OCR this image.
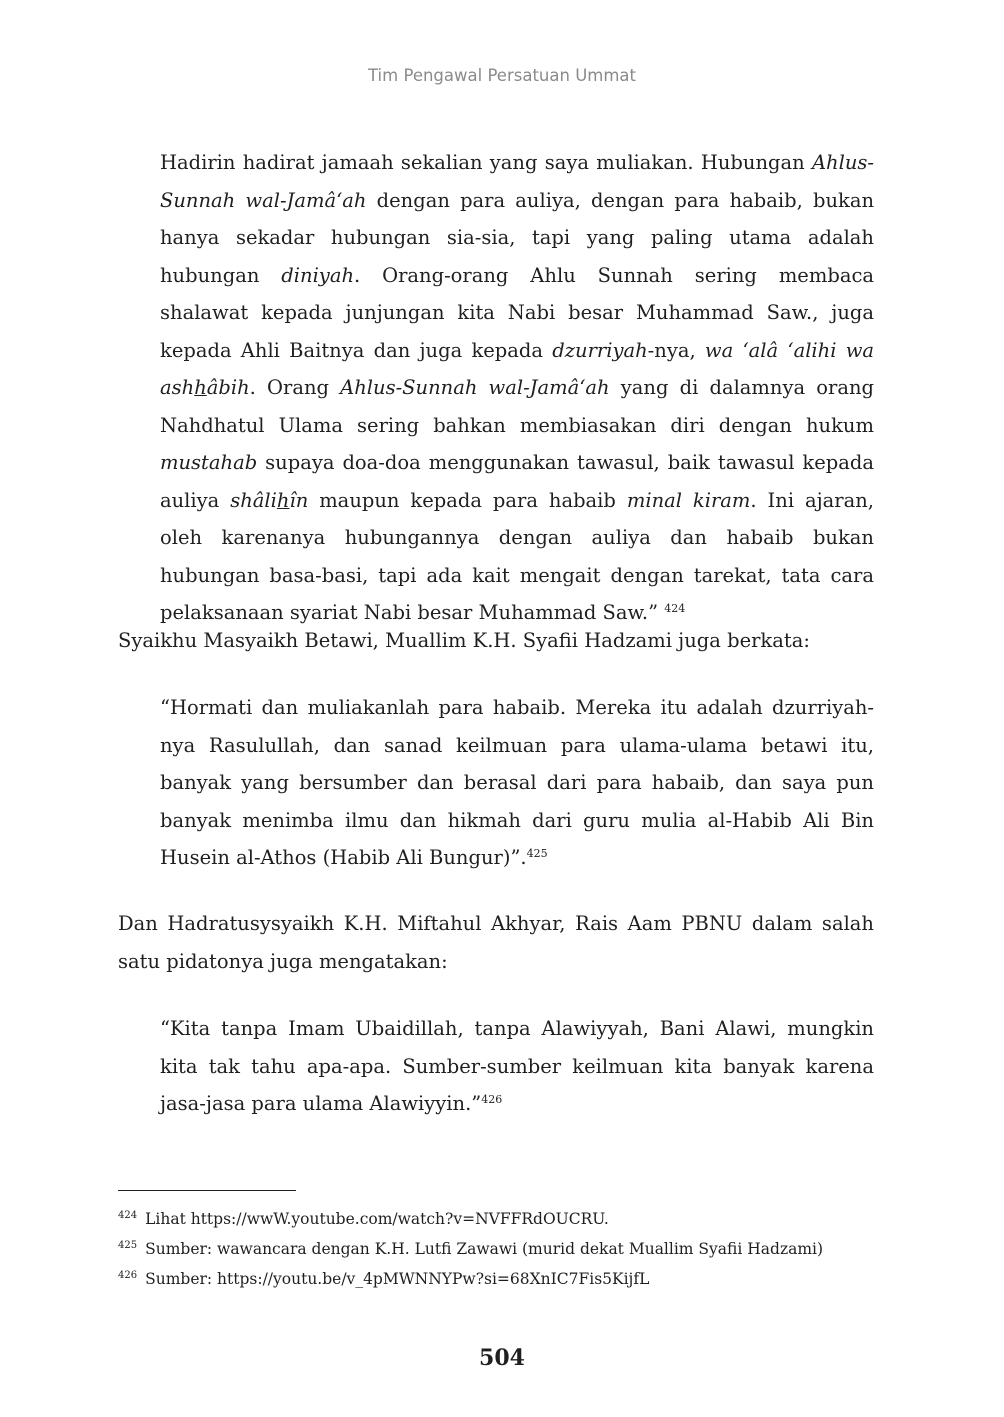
Tim Pengawal Persatuan Ummat

Hadirin hadirat jamaah sekalian yang saya muliakan. Hubungan Ahlus-Sunnah wal-Jamâ‘ah dengan para auliya, dengan para habaib, bukan hanya sekadar hubungan sia-sia, tapi yang paling utama adalah hubungan diniyah. Orang-orang Ahlu Sunnah sering membaca shalawat kepada junjungan kita Nabi besar Muhammad Saw., juga kepada Ahli Baitnya dan juga kepada dzurriyah-nya, wa ‘alâ ‘alihi wa ashhâbih. Orang Ahlus-Sunnah wal-Jamâ‘ah yang di dalamnya orang Nahdhatul Ulama sering bahkan membiasakan diri dengan hukum mustahab supaya doa-doa menggunakan tawasul, baik tawasul kepada auliya shâlihîn maupun kepada para habaib minal kiram. Ini ajaran, oleh karenanya hubungannya dengan auliya dan habaib bukan hubungan basa-basi, tapi ada kait mengait dengan tarekat, tata cara pelaksanaan syariat Nabi besar Muhammad Saw.” $^{424}$

Syaikhu Masyaikh Betawi, Muallim K.H. Syafii Hadzami juga berkata:

“Hormati dan muliakanlah para habaib. Mereka itu adalah dzurriyah-nya Rasulullah, dan sanad keilmuan para ulama-ulama betawi itu, banyak yang bersumber dan berasal dari para habaib, dan saya pun banyak menimba ilmu dan hikmah dari guru mulia al-Habib Ali Bin Husein al-Athos (Habib Ali Bungur)”.$^{425}$

Dan Hadratusysyaikh K.H. Miftahul Akhyar, Rais Aam PBNU dalam salah satu pidatonya juga mengatakan:

“Kita tanpa Imam Ubaidillah, tanpa Alawiyyah, Bani Alawi, mungkin kita tak tahu apa-apa. Sumber-sumber keilmuan kita banyak karena jasa-jasa para ulama Alawiyyin.”$^{426}$

$^{424}$ Lihat https://wwW.youtube.com/watch?v=NVFFRdOUCRU.
$^{425}$ Sumber: wawancara dengan K.H. Lutfi Zawawi (murid dekat Muallim Syafii Hadzami)
$^{426}$ Sumber: https://youtu.be/v_4pMWNNYPw?si=68XnIC7Fis5KijfL
504
